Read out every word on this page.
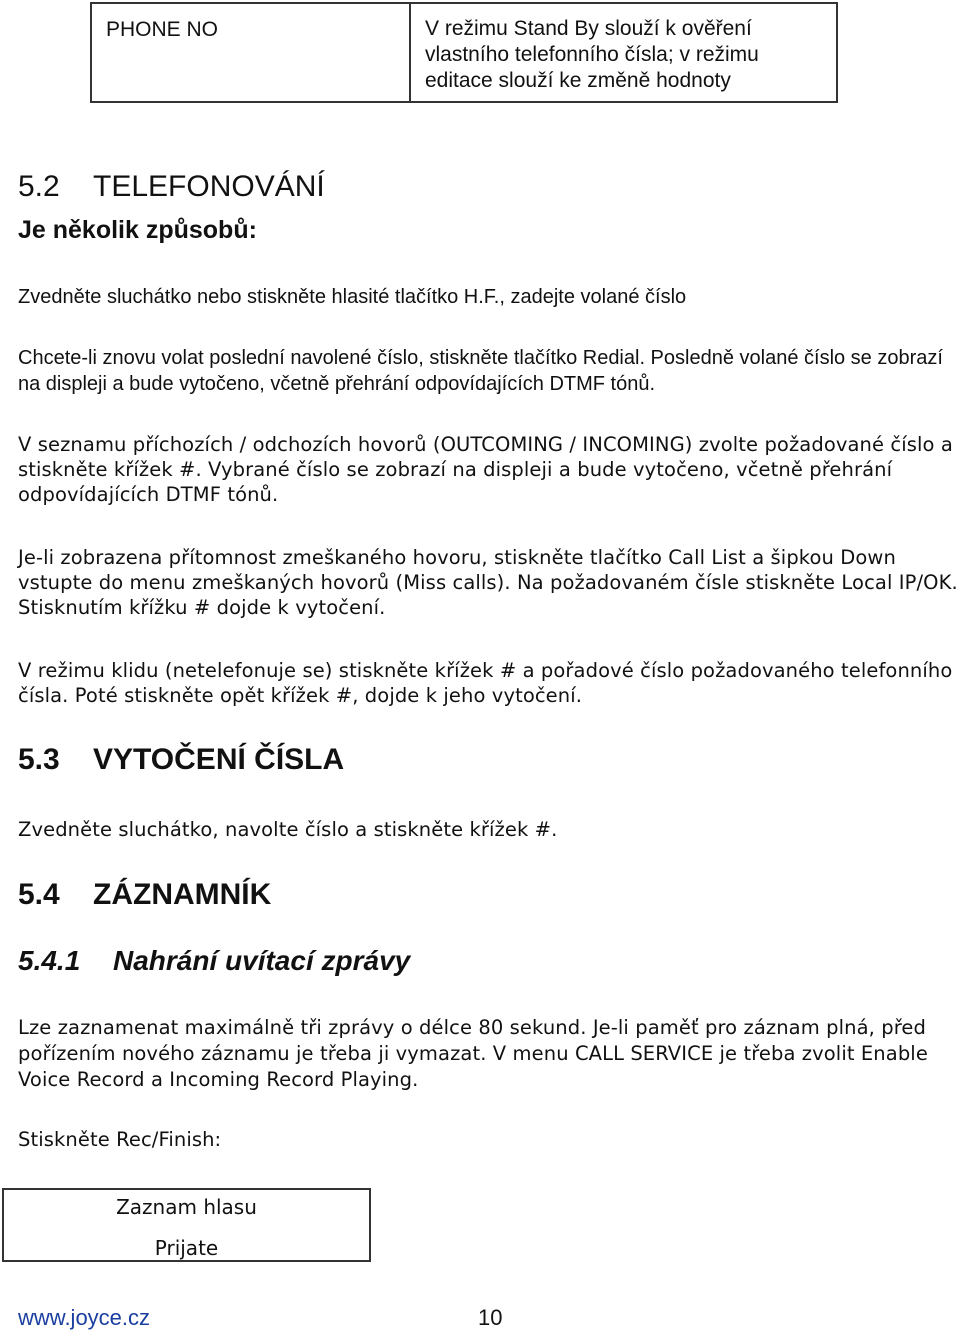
PHONE NO	V režimu Stand By slouží k ověření vlastního telefonního čísla; v režimu editace slouží ke změně hodnoty
5.2 TELEFONOVÁNÍ
Je několik způsobů:
Zvedněte sluchátko nebo stiskněte hlasité tlačítko H.F., zadejte volané číslo
Chcete-li znovu volat poslední navolené číslo, stiskněte tlačítko Redial. Posledně volané číslo se zobrazí na displeji a bude vytočeno, včetně přehrání odpovídajících DTMF tónů.
V seznamu příchozích / odchozích hovorů (OUTCOMING / INCOMING) zvolte požadované číslo a stiskněte křížek #. Vybrané číslo se zobrazí na displeji a bude vytočeno, včetně přehrání odpovídajících DTMF tónů.
Je-li zobrazena přítomnost zmeškaného hovoru, stiskněte tlačítko Call List a šipkou Down vstupte do menu zmeškaných hovorů (Miss calls). Na požadovaném čísle stiskněte Local IP/OK. Stisknutím křížku # dojde k vytočení.
V režimu klidu (netelefonuje se) stiskněte křížek # a pořadové číslo požadovaného telefonního čísla. Poté stiskněte opět křížek #, dojde k jeho vytočení.
5.3 VYTOČENÍ ČÍSLA
Zvedněte sluchátko, navolte číslo a stiskněte křížek #.
5.4 ZÁZNAMNÍK
5.4.1 Nahrání uvítací zprávy
Lze zaznamenat maximálně tři zprávy o délce 80 sekund. Je-li paměť pro záznam plná, před pořízením nového záznamu je třeba ji vymazat. V menu CALL SERVICE je třeba zvolit Enable Voice Record a Incoming Record Playing.
Stiskněte Rec/Finish:
Zaznam hlasu
Prijate
www.joyce.cz	10
